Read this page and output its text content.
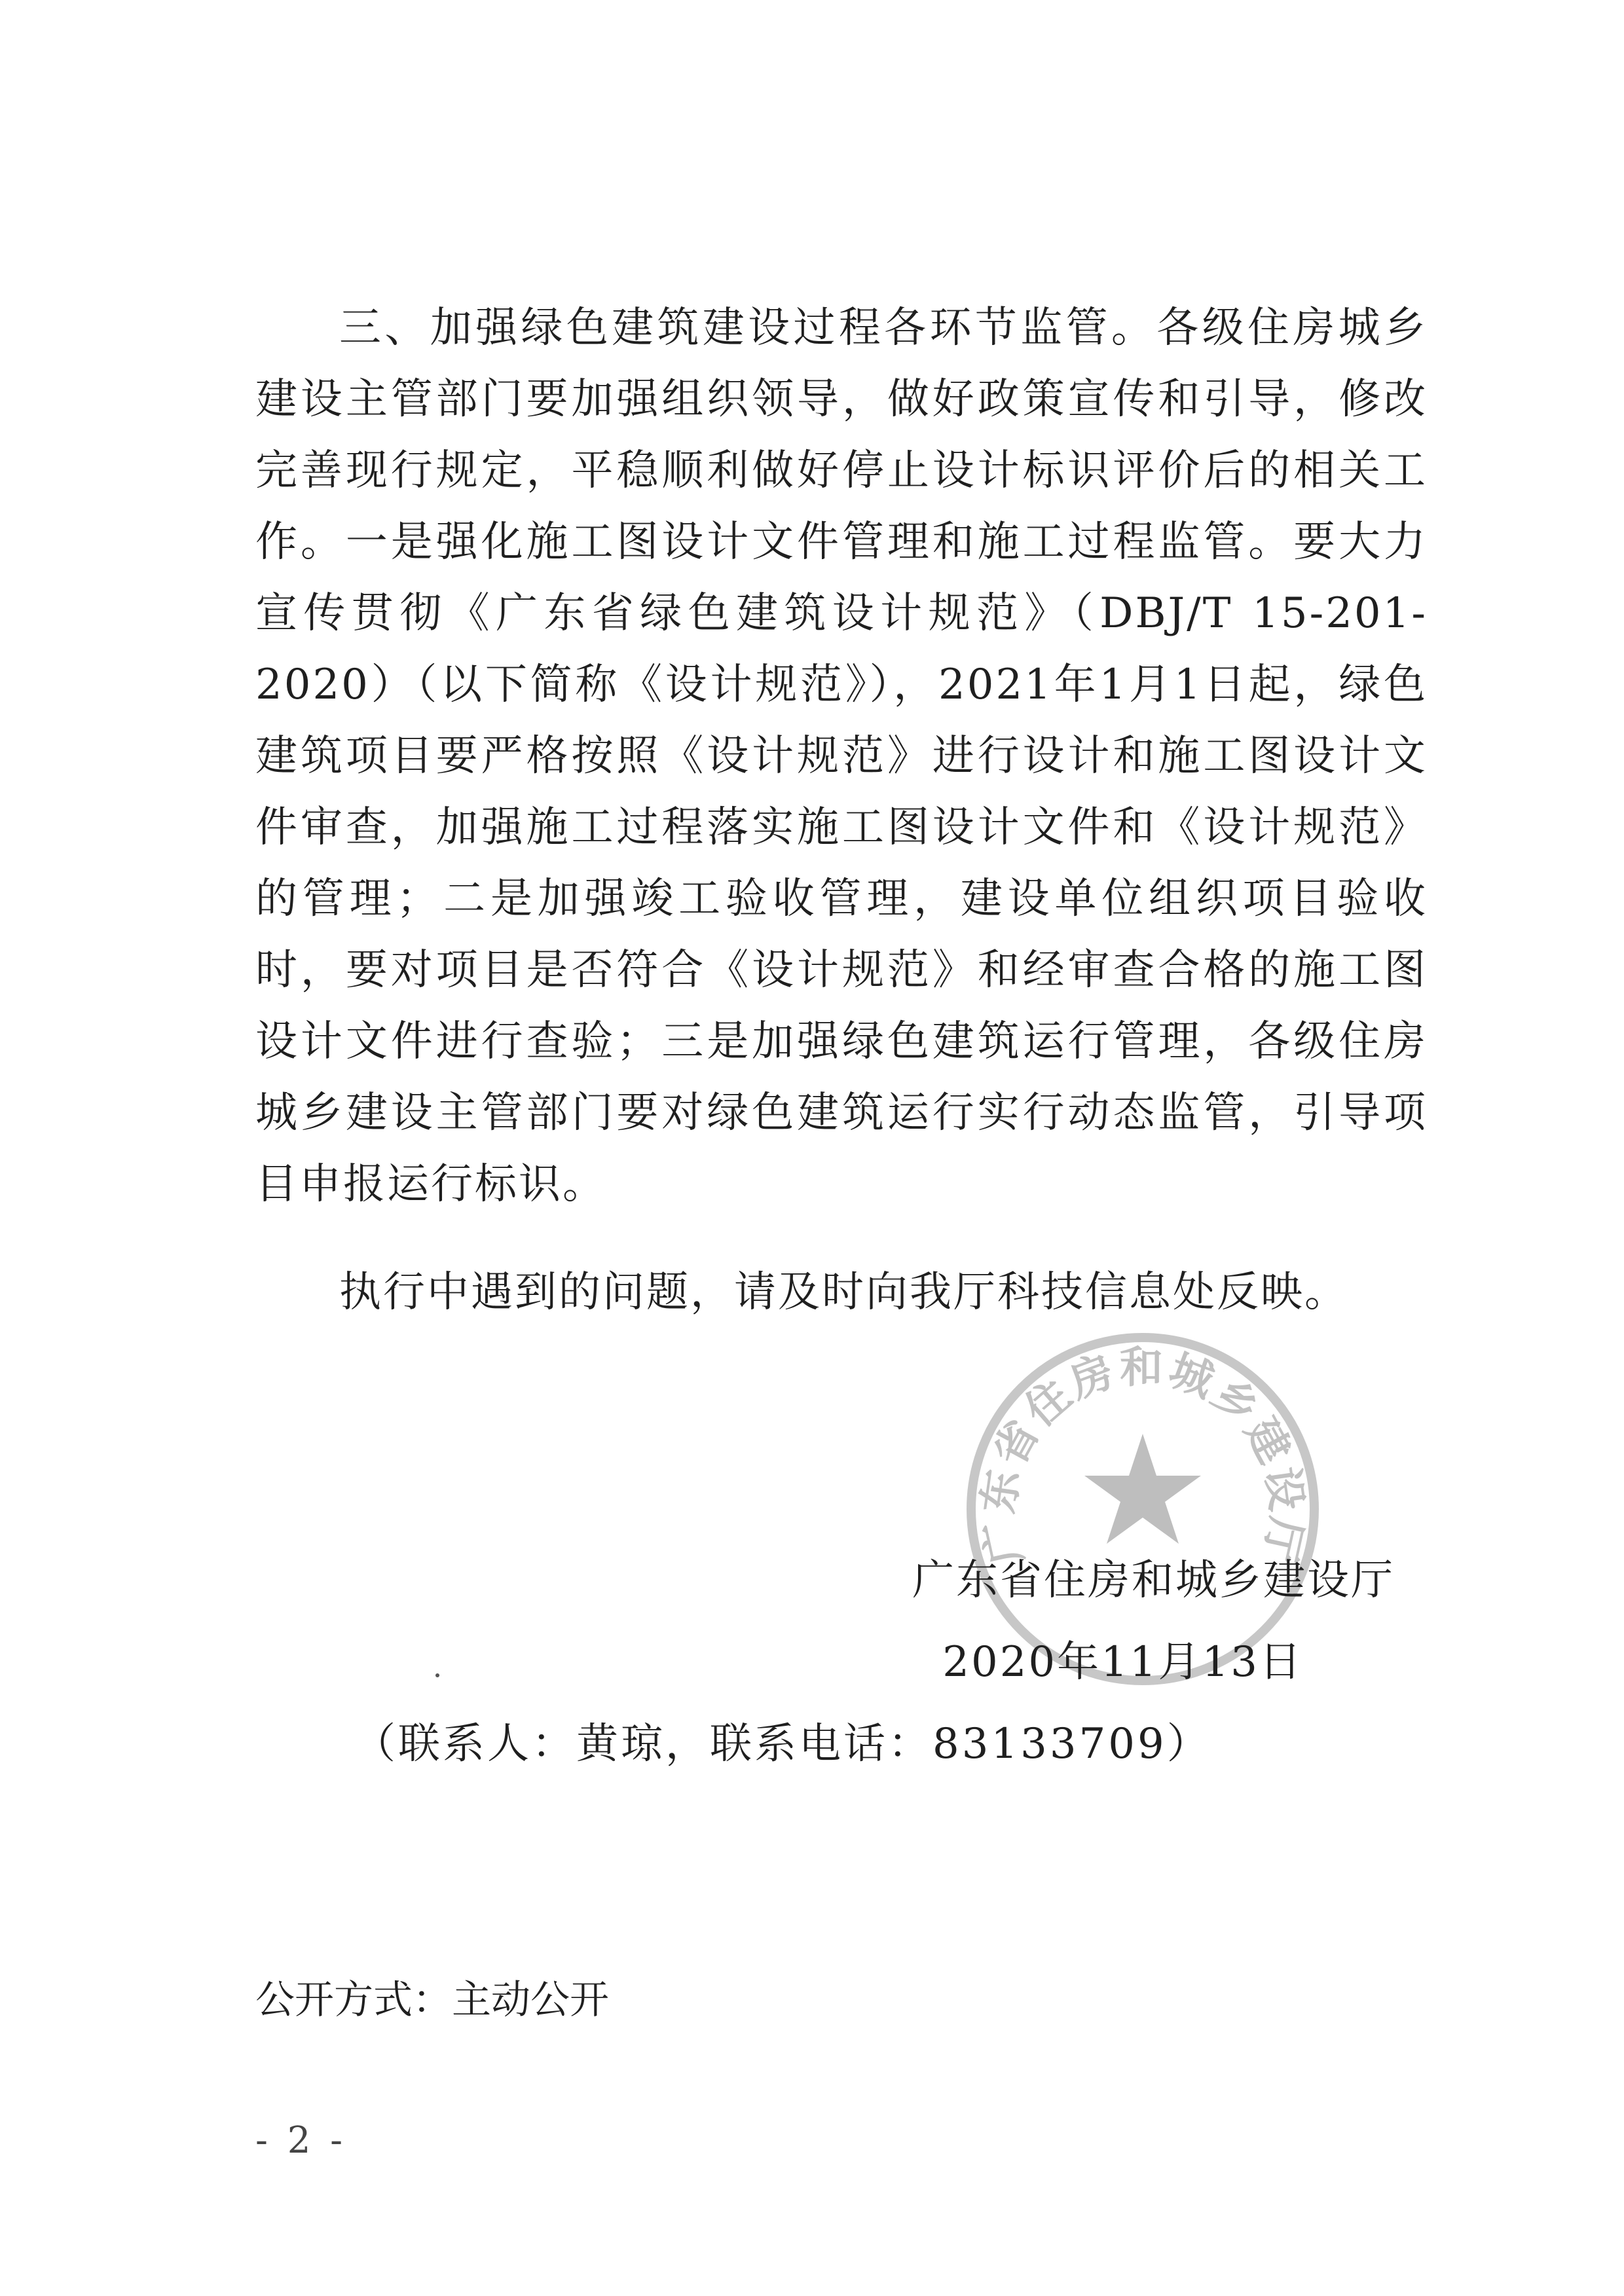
三、加强绿色建筑建设过程各环节监管。各级住房城乡建设主管部门要加强组织领导，做好政策宣传和引导，修改完善现行规定，平稳顺利做好停止设计标识评价后的相关工作。一是强化施工图设计文件管理和施工过程监管。要大力宣传贯彻《广东省绿色建筑设计规范》（DBJ/T 15-201-2020）（以下简称《设计规范》），2021年1月1日起，绿色建筑项目要严格按照《设计规范》进行设计和施工图设计文件审查，加强施工过程落实施工图设计文件和《设计规范》的管理；二是加强竣工验收管理，建设单位组织项目验收时，要对项目是否符合《设计规范》和经审查合格的施工图设计文件进行查验；三是加强绿色建筑运行管理，各级住房城乡建设主管部门要对绿色建筑运行实行动态监管，引导项目申报运行标识。

执行中遇到的问题，请及时向我厅科技信息处反映。

广东省住房和城乡建设厅
广东省住房和城乡建设厅
2020年11月13日
（联系人：黄琼，联系电话：83133709）
公开方式：主动公开
- 2 -
